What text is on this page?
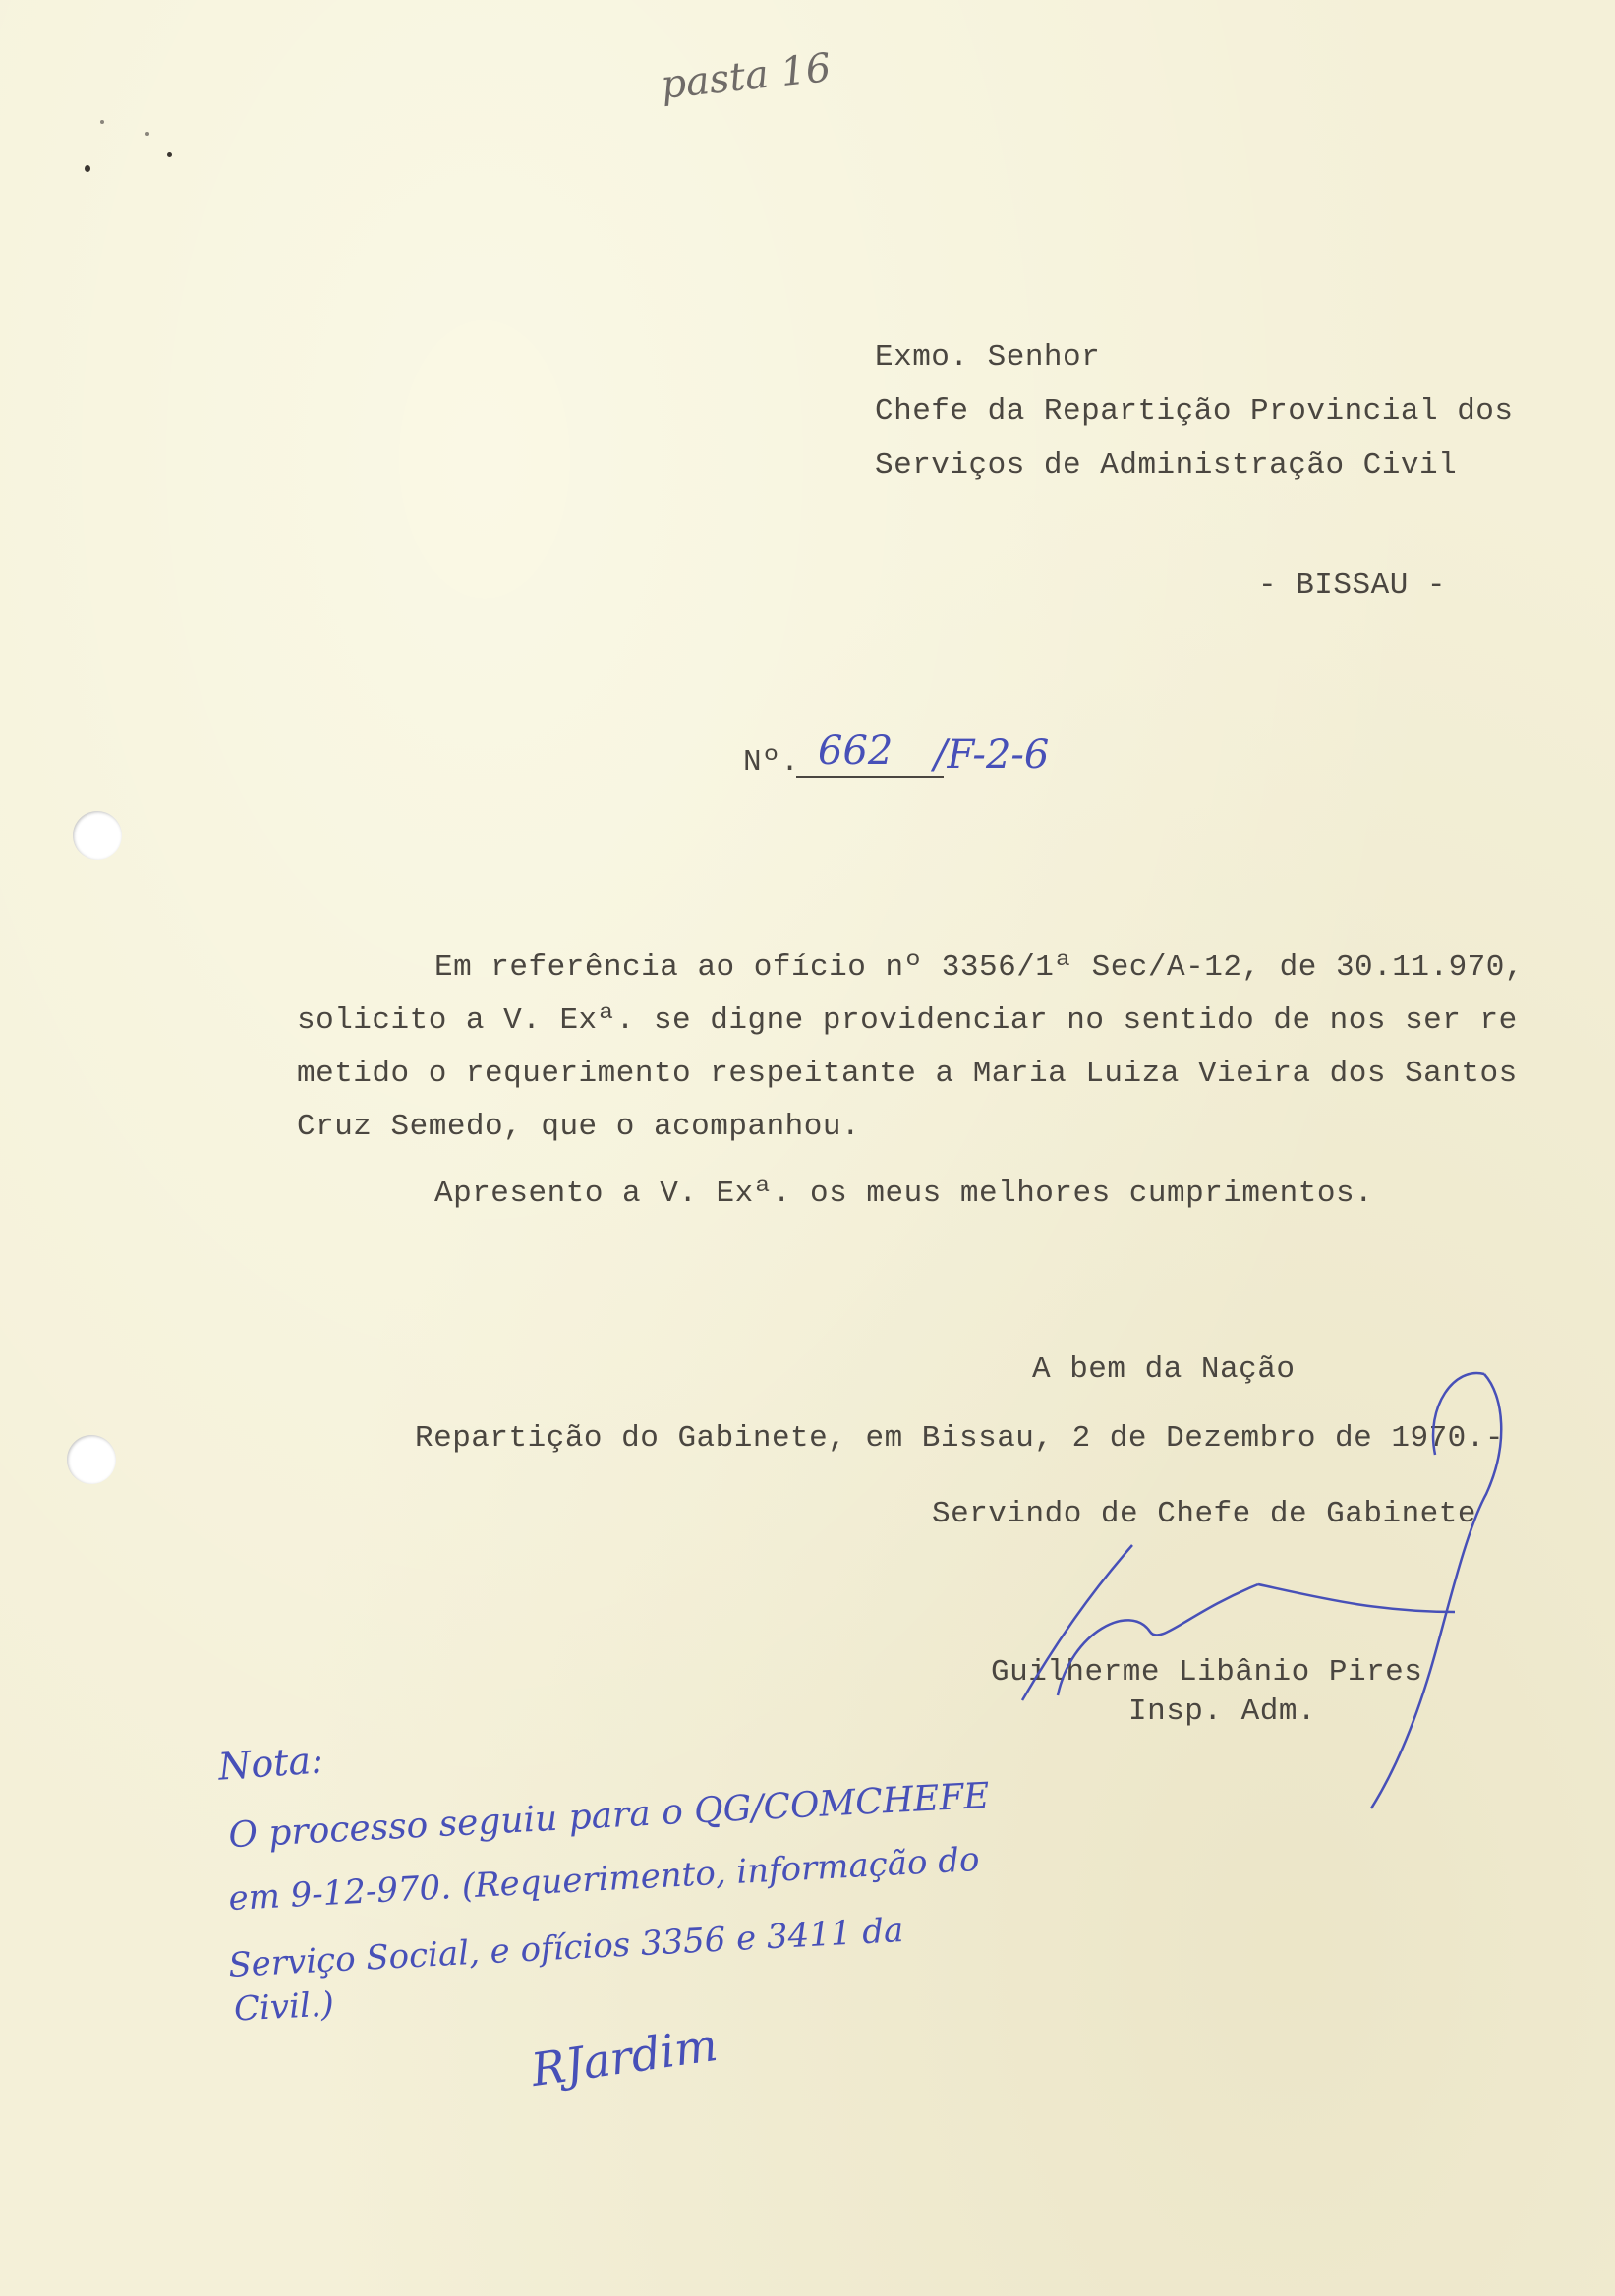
pasta 16
Exmo. Senhor
Chefe da Repartição Provincial dos
Serviços de Administração Civil
- BISSAU -
Nº. 662 /F-2-6
Em referência ao ofício nº 3356/1ª Sec/A-12, de 30.11.970,
solicito a V. Exª. se digne providenciar no sentido de nos ser re
metido o requerimento respeitante a Maria Luiza Vieira dos Santos
Cruz Semedo, que o acompanhou.
Apresento a V. Exª. os meus melhores cumprimentos.
A bem da Nação
Repartição do Gabinete, em Bissau, 2 de Dezembro de 1970.-
Servindo de Chefe de Gabinete
Guilherme Libânio Pires
Insp. Adm.
Nota:
O processo seguiu para o QG/COMCHEFE
em 9-12-970. (Requerimento, informação do
Serviço Social, e ofícios 3356 e 3411 da
Civil.)
RJardim
